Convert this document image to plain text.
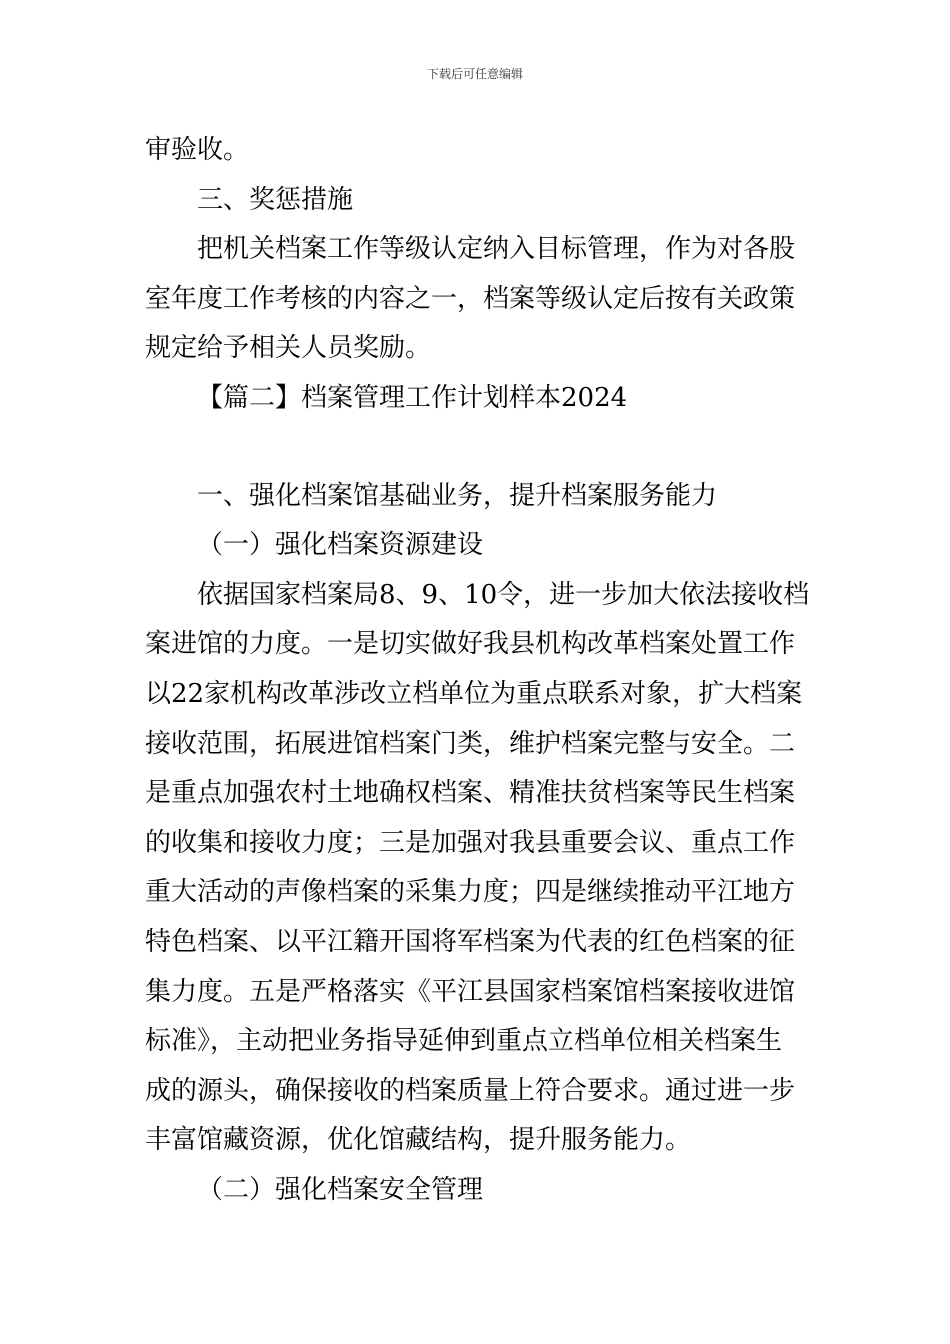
下载后可任意编辑
审验收。
三、奖惩措施
把机关档案工作等级认定纳入目标管理，作为对各股
室年度工作考核的内容之一，档案等级认定后按有关政策
规定给予相关人员奖励。
【篇二】档案管理工作计划样本2024
一、强化档案馆基础业务，提升档案服务能力
（一）强化档案资源建设
依据国家档案局8、9、10令，进一步加大依法接收档
案进馆的力度。一是切实做好我县机构改革档案处置工作
以22家机构改革涉改立档单位为重点联系对象，扩大档案
接收范围，拓展进馆档案门类，维护档案完整与安全。二
是重点加强农村土地确权档案、精准扶贫档案等民生档案
的收集和接收力度；三是加强对我县重要会议、重点工作
重大活动的声像档案的采集力度；四是继续推动平江地方
特色档案、以平江籍开国将军档案为代表的红色档案的征
集力度。五是严格落实《平江县国家档案馆档案接收进馆
标准》，主动把业务指导延伸到重点立档单位相关档案生
成的源头，确保接收的档案质量上符合要求。通过进一步
丰富馆藏资源，优化馆藏结构，提升服务能力。
（二）强化档案安全管理
